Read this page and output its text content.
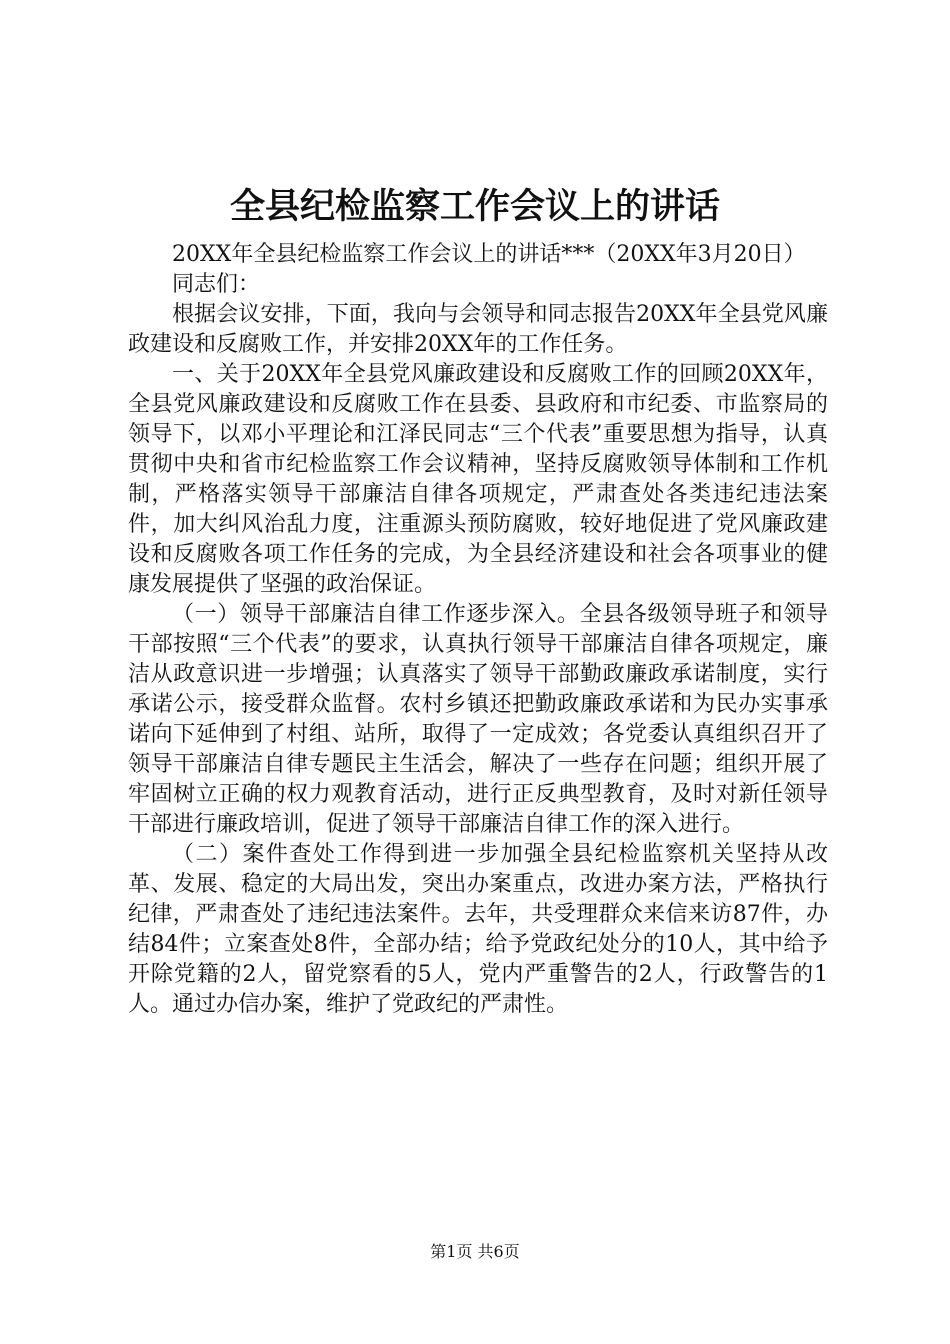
全县纪检监察工作会议上的讲话

20XX年全县纪检监察工作会议上的讲话***（20XX年3月20日）

同志们：

根据会议安排，下面，我向与会领导和同志报告20XX年全县党风廉政建设和反腐败工作，并安排20XX年的工作任务。

一、关于20XX年全县党风廉政建设和反腐败工作的回顾20XX年，全县党风廉政建设和反腐败工作在县委、县政府和市纪委、市监察局的领导下，以邓小平理论和江泽民同志“三个代表”重要思想为指导，认真贯彻中央和省市纪检监察工作会议精神，坚持反腐败领导体制和工作机制，严格落实领导干部廉洁自律各项规定，严肃查处各类违纪违法案件，加大纠风治乱力度，注重源头预防腐败，较好地促进了党风廉政建设和反腐败各项工作任务的完成，为全县经济建设和社会各项事业的健康发展提供了坚强的政治保证。

（一）领导干部廉洁自律工作逐步深入。全县各级领导班子和领导干部按照“三个代表”的要求，认真执行领导干部廉洁自律各项规定，廉洁从政意识进一步增强；认真落实了领导干部勤政廉政承诺制度，实行承诺公示，接受群众监督。农村乡镇还把勤政廉政承诺和为民办实事承诺向下延伸到了村组、站所，取得了一定成效；各党委认真组织召开了领导干部廉洁自律专题民主生活会，解决了一些存在问题；组织开展了牢固树立正确的权力观教育活动，进行正反典型教育，及时对新任领导干部进行廉政培训，促进了领导干部廉洁自律工作的深入进行。

（二）案件查处工作得到进一步加强全县纪检监察机关坚持从改革、发展、稳定的大局出发，突出办案重点，改进办案方法，严格执行纪律，严肃查处了违纪违法案件。去年，共受理群众来信来访87件，办结84件；立案查处8件，全部办结；给予党政纪处分的10人，其中给予开除党籍的2人，留党察看的5人，党内严重警告的2人，行政警告的1人。通过办信办案，维护了党政纪的严肃性。

第1页 共6页
